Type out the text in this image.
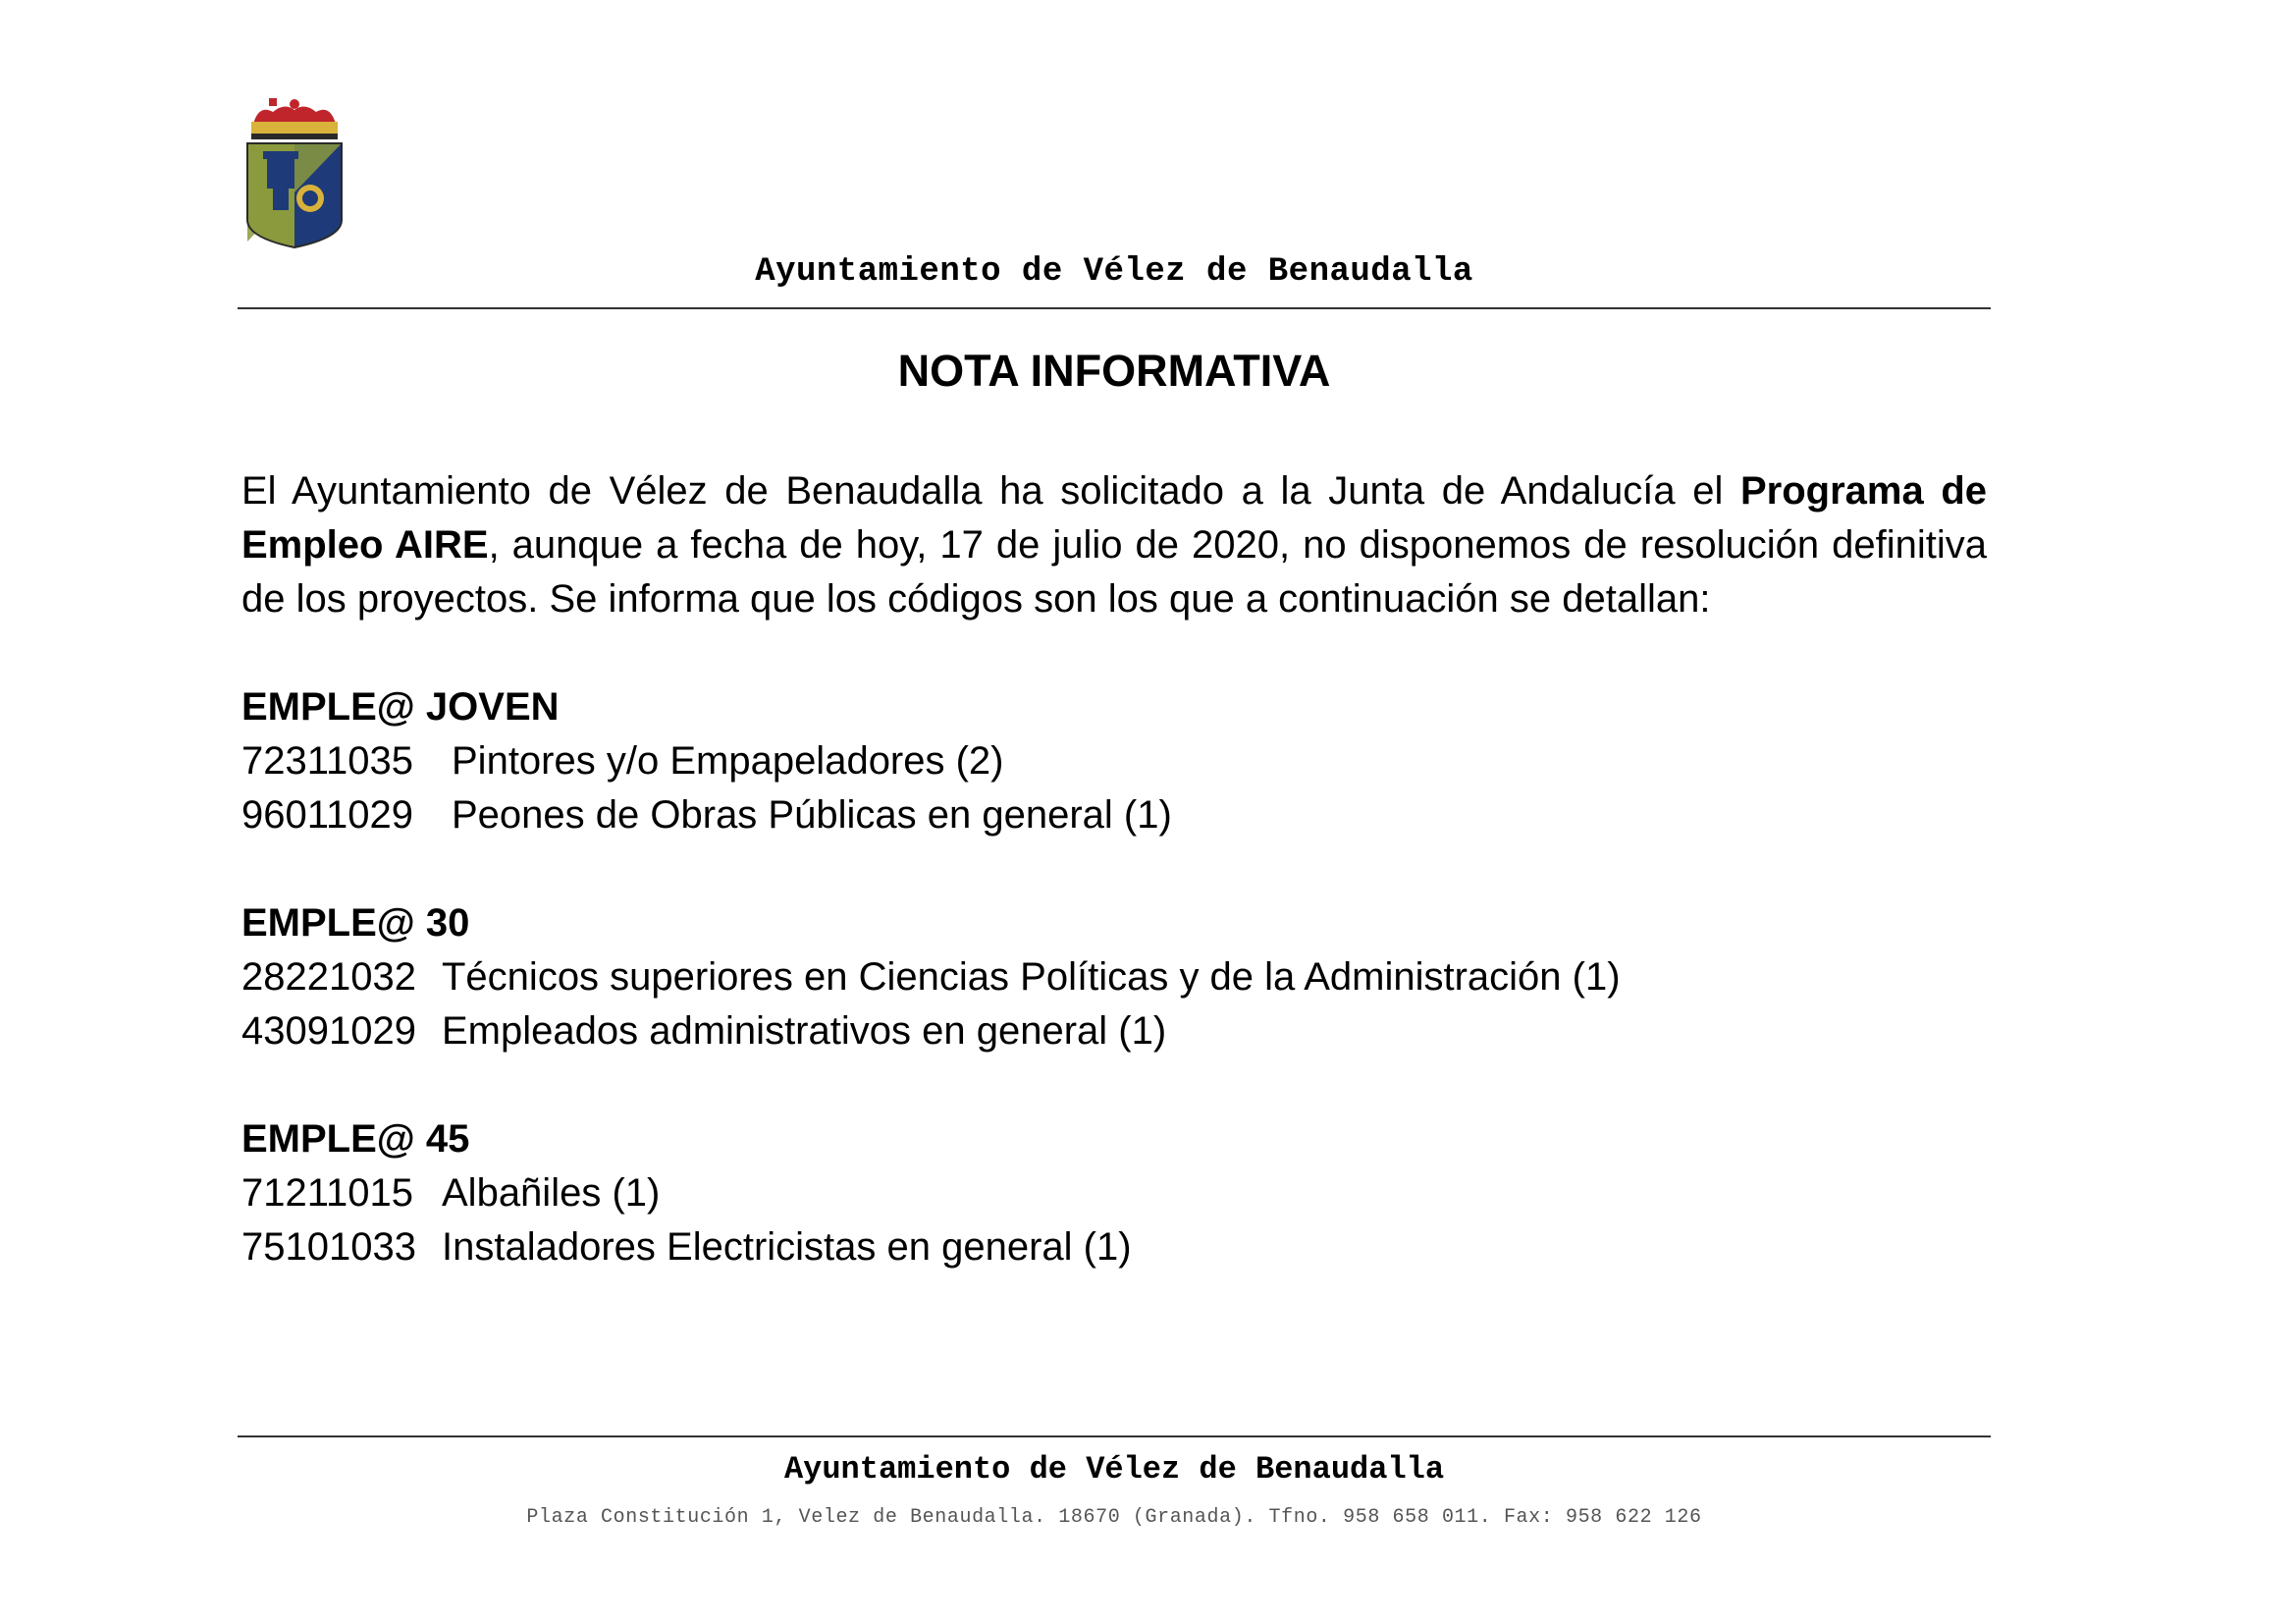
Ayuntamiento de Vélez de Benaudalla
NOTA INFORMATIVA

El Ayuntamiento de Vélez de Benaudalla ha solicitado a la Junta de Andalucía el Programa de Empleo AIRE, aunque a fecha de hoy, 17 de julio de 2020, no disponemos de resolución definitiva de los proyectos. Se informa que los códigos son los que a continuación se detallan:

EMPLE@ JOVEN
72311035 Pintores y/o Empapeladores (2)
96011029 Peones de Obras Públicas en general (1)
EMPLE@ 30
28221032 Técnicos superiores en Ciencias Políticas y de la Administración (1)
43091029 Empleados administrativos en general (1)
EMPLE@ 45
71211015 Albañiles (1)
75101033 Instaladores Electricistas en general (1)
Ayuntamiento de Vélez de Benaudalla
Plaza Constitución 1, Velez de Benaudalla. 18670 (Granada). Tfno. 958 658 011. Fax: 958 622 126
